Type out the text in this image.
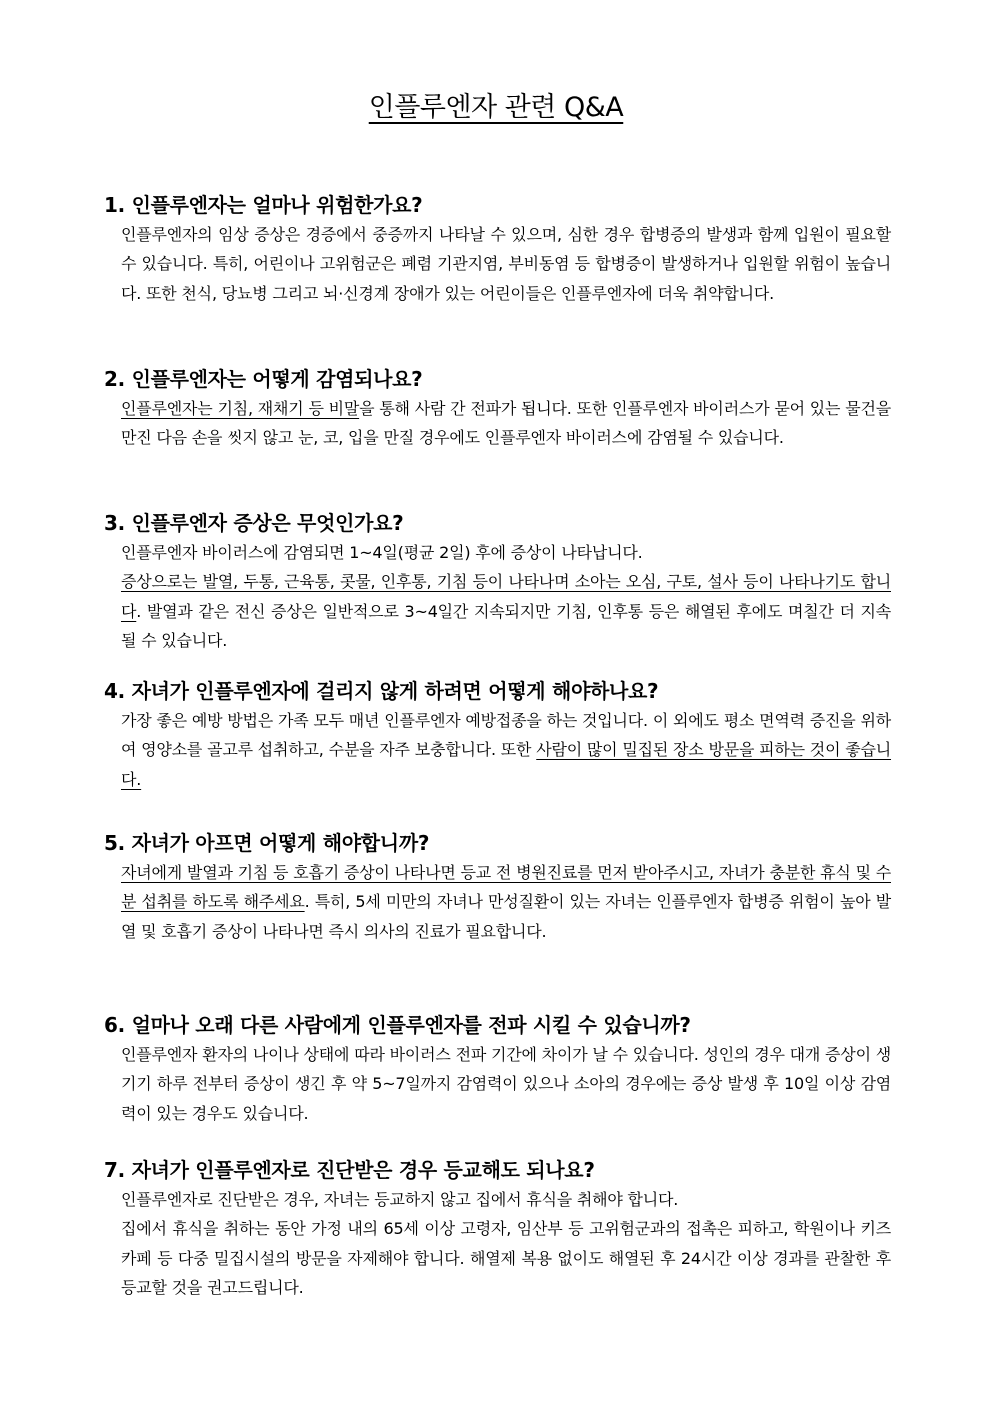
인플루엔자 관련 Q&A

1. 인플루엔자는 얼마나 위험한가요?

인플루엔자의 임상 증상은 경증에서 중증까지 나타날 수 있으며, 심한 경우 합병증의 발생과 함께 입원이 필요할 수 있습니다. 특히, 어린이나 고위험군은 폐렴 기관지염, 부비동염 등 합병증이 발생하거나 입원할 위험이 높습니다. 또한 천식, 당뇨병 그리고 뇌·신경계 장애가 있는 어린이들은 인플루엔자에 더욱 취약합니다.

2. 인플루엔자는 어떻게 감염되나요?

인플루엔자는 기침, 재채기 등 비말을 통해 사람 간 전파가 됩니다. 또한 인플루엔자 바이러스가 묻어 있는 물건을 만진 다음 손을 씻지 않고 눈, 코, 입을 만질 경우에도 인플루엔자 바이러스에 감염될 수 있습니다.

3. 인플루엔자 증상은 무엇인가요?

인플루엔자 바이러스에 감염되면 1~4일(평균 2일) 후에 증상이 나타납니다.
증상으로는 발열, 두통, 근육통, 콧물, 인후통, 기침 등이 나타나며 소아는 오심, 구토, 설사 등이 나타나기도 합니다. 발열과 같은 전신 증상은 일반적으로 3~4일간 지속되지만 기침, 인후통 등은 해열된 후에도 며칠간 더 지속될 수 있습니다.

4. 자녀가 인플루엔자에 걸리지 않게 하려면 어떻게 해야하나요?

가장 좋은 예방 방법은 가족 모두 매년 인플루엔자 예방접종을 하는 것입니다. 이 외에도 평소 면역력 증진을 위하여 영양소를 골고루 섭취하고, 수분을 자주 보충합니다. 또한 사람이 많이 밀집된 장소 방문을 피하는 것이 좋습니다.

5. 자녀가 아프면 어떻게 해야합니까?

자녀에게 발열과 기침 등 호흡기 증상이 나타나면 등교 전 병원진료를 먼저 받아주시고, 자녀가 충분한 휴식 및 수분 섭취를 하도록 해주세요. 특히, 5세 미만의 자녀나 만성질환이 있는 자녀는 인플루엔자 합병증 위험이 높아 발열 및 호흡기 증상이 나타나면 즉시 의사의 진료가 필요합니다.

6. 얼마나 오래 다른 사람에게 인플루엔자를 전파 시킬 수 있습니까?

인플루엔자 환자의 나이나 상태에 따라 바이러스 전파 기간에 차이가 날 수 있습니다. 성인의 경우 대개 증상이 생기기 하루 전부터 증상이 생긴 후 약 5~7일까지 감염력이 있으나 소아의 경우에는 증상 발생 후 10일 이상 감염력이 있는 경우도 있습니다.

7. 자녀가 인플루엔자로 진단받은 경우 등교해도 되나요?

인플루엔자로 진단받은 경우, 자녀는 등교하지 않고 집에서 휴식을 취해야 합니다.
집에서 휴식을 취하는 동안 가정 내의 65세 이상 고령자, 임산부 등 고위험군과의 접촉은 피하고, 학원이나 키즈카페 등 다중 밀집시설의 방문을 자제해야 합니다. 해열제 복용 없이도 해열된 후 24시간 이상 경과를 관찰한 후 등교할 것을 권고드립니다.
